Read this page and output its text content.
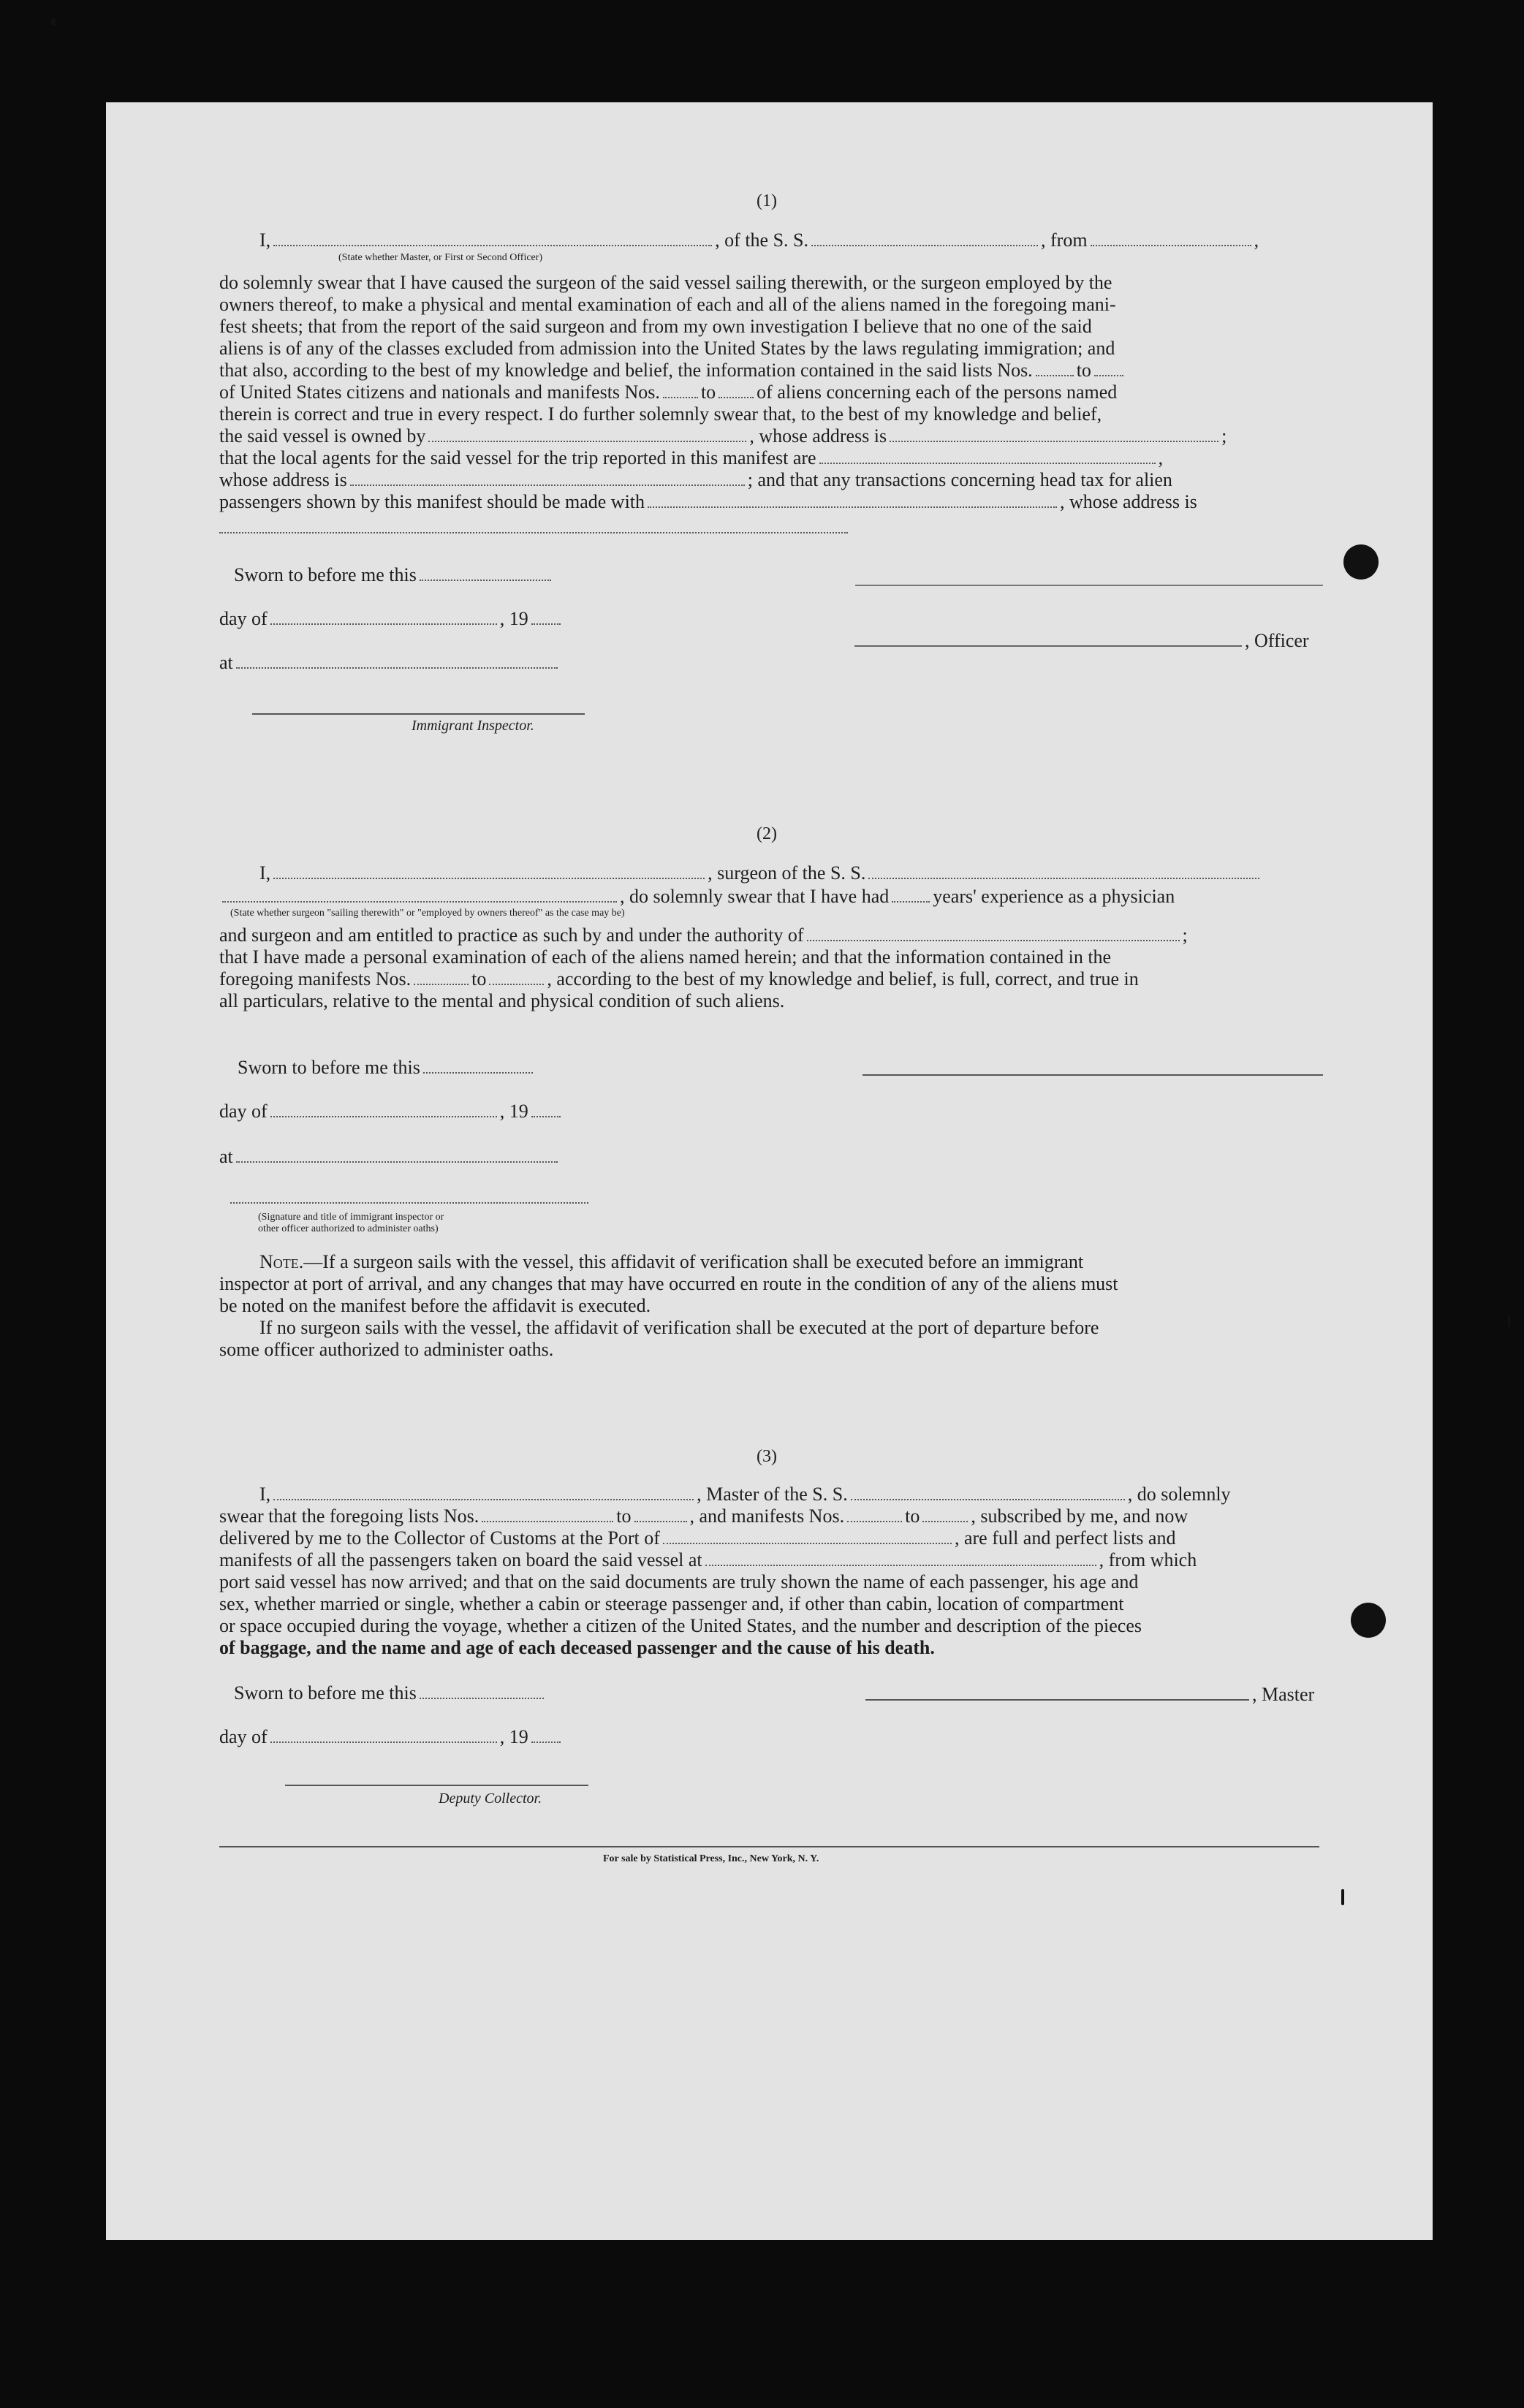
(1)
I,	, of the S. S.	, from	,
(State whether Master, or First or Second Officer)
do solemnly swear that I have caused the surgeon of the said vessel sailing therewith, or the surgeon employed by the
owners thereof, to make a physical and mental examination of each and all of the aliens named in the foregoing mani-
fest sheets; that from the report of the said surgeon and from my own investigation I believe that no one of the said
aliens is of any of the classes excluded from admission into the United States by the laws regulating immigration; and
that also, according to the best of my knowledge and belief, the information contained in the said lists Nos. to
of United States citizens and nationals and manifests Nos. to of aliens concerning each of the persons named
therein is correct and true in every respect. I do further solemnly swear that, to the best of my knowledge and belief,
the said vessel is owned by	, whose address is	;
that the local agents for the said vessel for the trip reported in this manifest are	,
whose address is	; and that any transactions concerning head tax for alien
passengers shown by this manifest should be made with	, whose address is
Sworn to before me this
day of	, 19
, Officer
at
Immigrant Inspector.
(2)
I,	, surgeon of the S. S.
, do solemnly swear that I have had years' experience as a physician
(State whether surgeon "sailing therewith" or "employed by owners thereof" as the case may be)
and surgeon and am entitled to practice as such by and under the authority of	;
that I have made a personal examination of each of the aliens named herein; and that the information contained in the
foregoing manifests Nos.	to	, according to the best of my knowledge and belief, is full, correct, and true in
all particulars, relative to the mental and physical condition of such aliens.
Sworn to before me this
day of	, 19
at
(Signature and title of immigrant inspector or
other officer authorized to administer oaths)
Note.—If a surgeon sails with the vessel, this affidavit of verification shall be executed before an immigrant
inspector at port of arrival, and any changes that may have occurred en route in the condition of any of the aliens must
be noted on the manifest before the affidavit is executed.
If no surgeon sails with the vessel, the affidavit of verification shall be executed at the port of departure before
some officer authorized to administer oaths.
(3)
I,	, Master of the S. S.	, do solemnly
swear that the foregoing lists Nos.	to	, and manifests Nos.	to	, subscribed by me, and now
delivered by me to the Collector of Customs at the Port of	, are full and perfect lists and
manifests of all the passengers taken on board the said vessel at	, from which
port said vessel has now arrived; and that on the said documents are truly shown the name of each passenger, his age and
sex, whether married or single, whether a cabin or steerage passenger and, if other than cabin, location of compartment
or space occupied during the voyage, whether a citizen of the United States, and the number and description of the pieces
of baggage, and the name and age of each deceased passenger and the cause of his death.
Sworn to before me this	, Master
day of	, 19
Deputy Collector.
For sale by Statistical Press, Inc., New York, N. Y.
